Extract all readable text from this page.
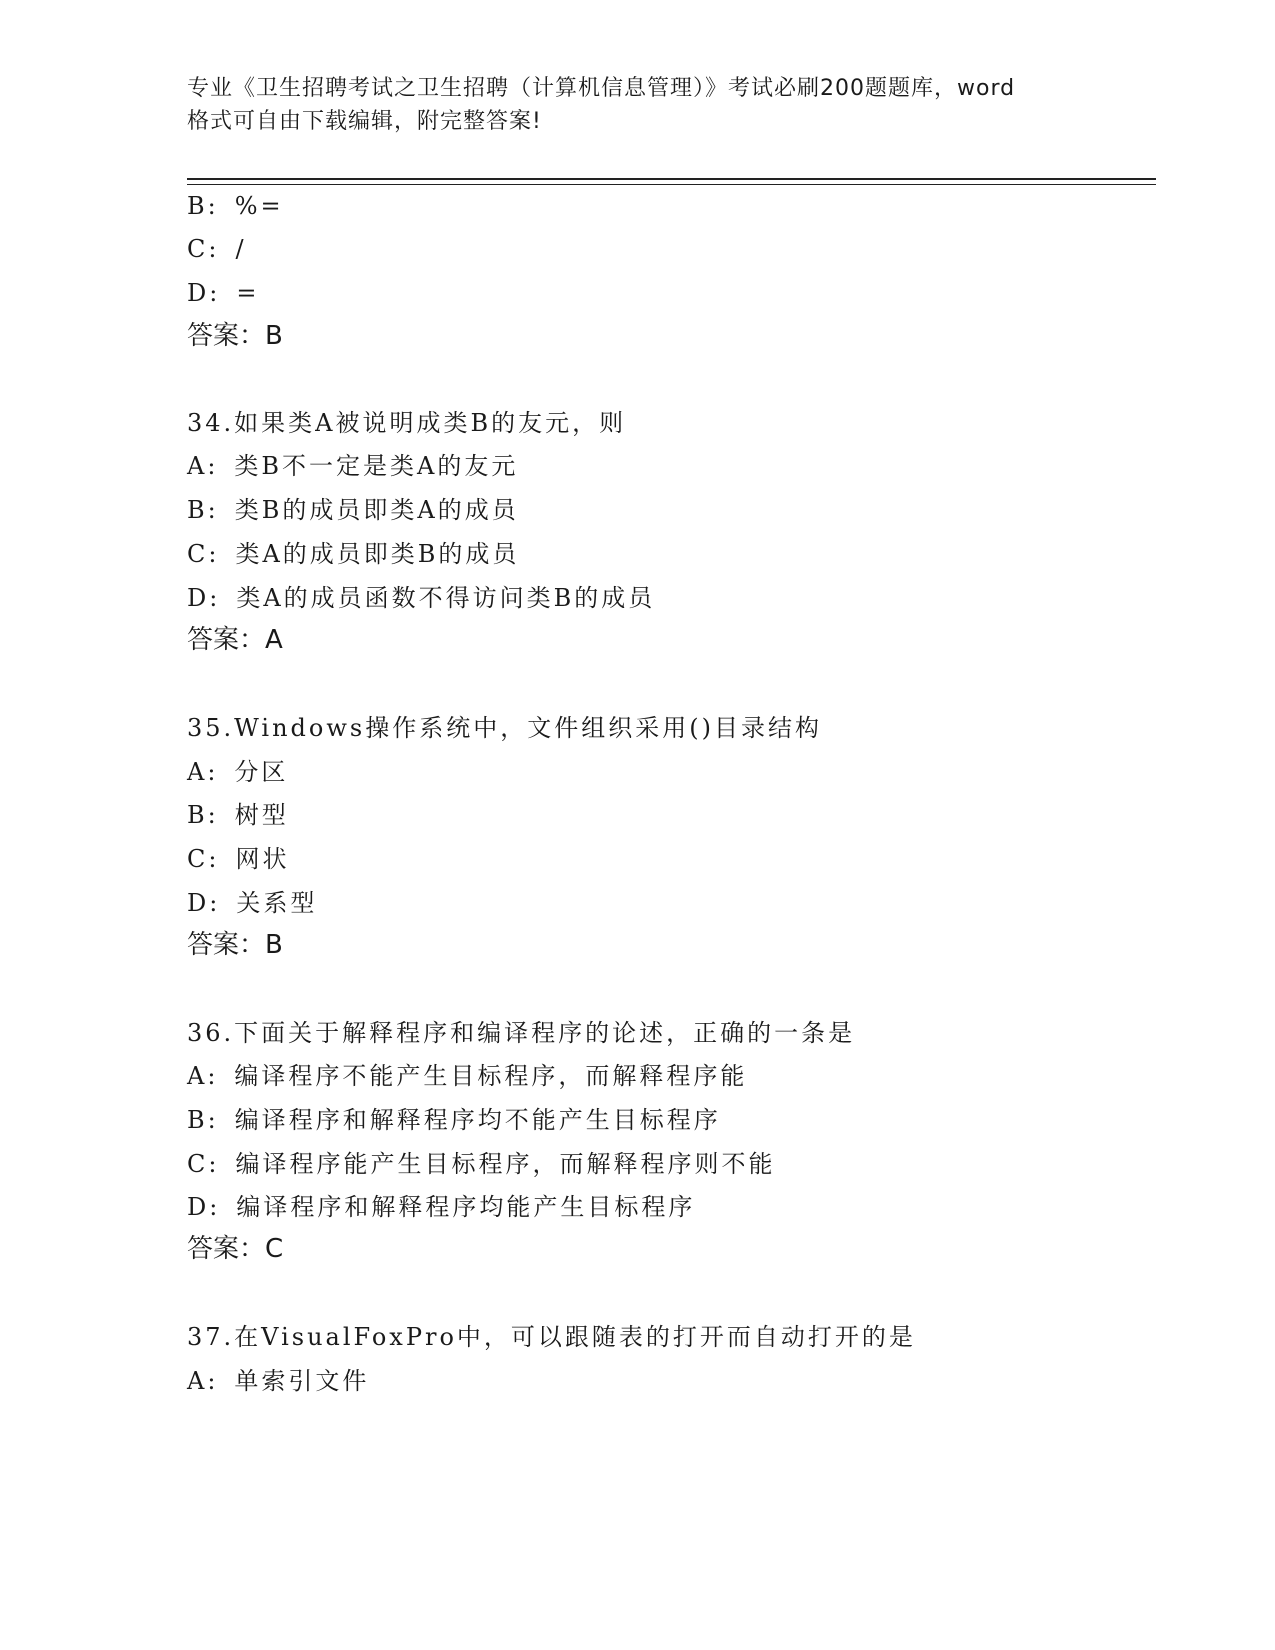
专业《卫生招聘考试之卫生招聘（计算机信息管理）》考试必刷200题题库，word
格式可自由下载编辑，附完整答案!
B: %=
C: /
D: =
答案：B
34.如果类A被说明成类B的友元，则
A: 类B不一定是类A的友元
B: 类B的成员即类A的成员
C: 类A的成员即类B的成员
D: 类A的成员函数不得访问类B的成员
答案：A
35.Windows操作系统中，文件组织采用()目录结构
A: 分区
B: 树型
C: 网状
D: 关系型
答案：B
36.下面关于解释程序和编译程序的论述，正确的一条是
A: 编译程序不能产生目标程序，而解释程序能
B: 编译程序和解释程序均不能产生目标程序
C: 编译程序能产生目标程序，而解释程序则不能
D: 编译程序和解释程序均能产生目标程序
答案：C
37.在VisualFoxPro中，可以跟随表的打开而自动打开的是
A: 单索引文件
